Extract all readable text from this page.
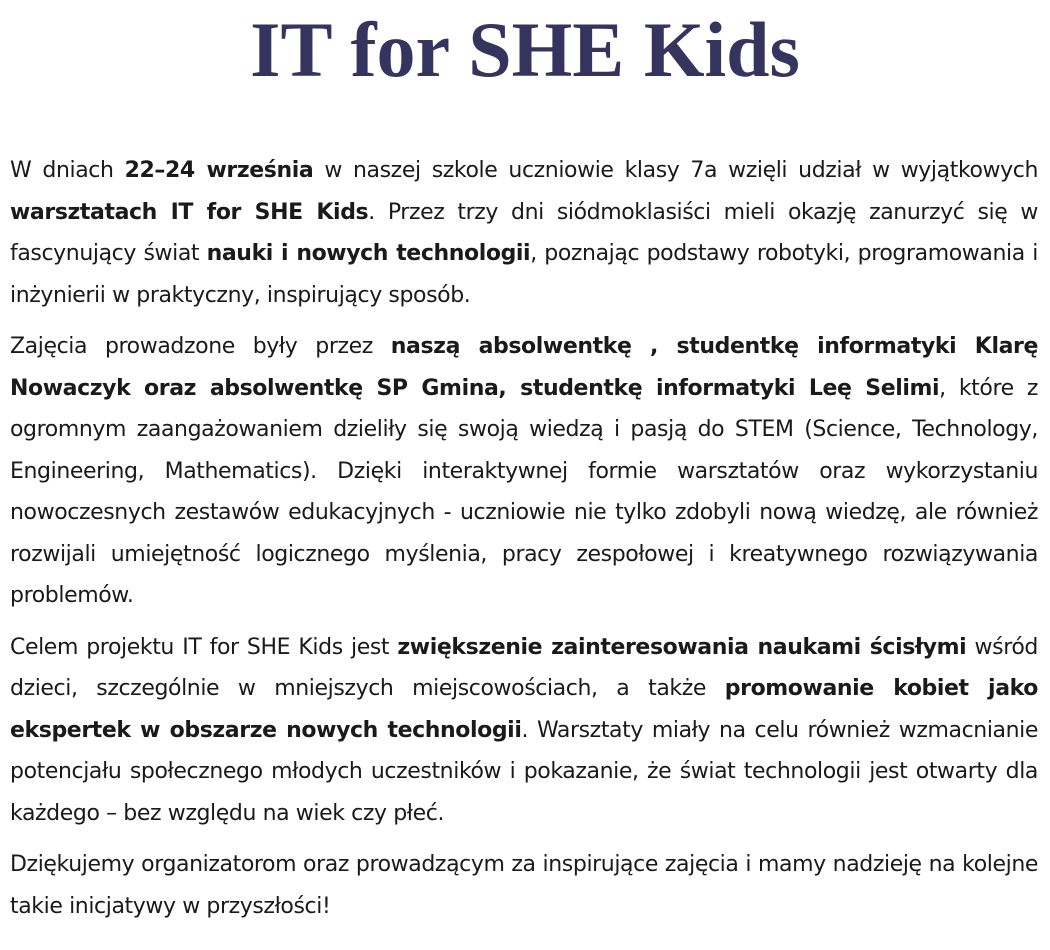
IT for SHE Kids

W dniach 22–24 września w naszej szkole uczniowie klasy 7a wzięli udział w wyjątkowych warsztatach IT for SHE Kids. Przez trzy dni siódmoklasiści mieli okazję zanurzyć się w fascynujący świat nauki i nowych technologii, poznając podstawy robotyki, programowania i inżynierii w praktyczny, inspirujący sposób.

Zajęcia prowadzone były przez naszą absolwentkę , studentkę informatyki Klarę Nowaczyk oraz absolwentkę SP Gmina, studentkę informatyki Leę Selimi, które z ogromnym zaangażowaniem dzieliły się swoją wiedzą i pasją do STEM (Science, Technology, Engineering, Mathematics). Dzięki interaktywnej formie warsztatów oraz wykorzystaniu nowoczesnych zestawów edukacyjnych - uczniowie nie tylko zdobyli nową wiedzę, ale również rozwijali umiejętność logicznego myślenia, pracy zespołowej i kreatywnego rozwiązywania problemów.

Celem projektu IT for SHE Kids jest zwiększenie zainteresowania naukami ścisłymi wśród dzieci, szczególnie w mniejszych miejscowościach, a także promowanie kobiet jako ekspertek w obszarze nowych technologii. Warsztaty miały na celu również wzmacnianie potencjału społecznego młodych uczestników i pokazanie, że świat technologii jest otwarty dla każdego – bez względu na wiek czy płeć.

Dziękujemy organizatorom oraz prowadzącym za inspirujące zajęcia i mamy nadzieję na kolejne takie inicjatywy w przyszłości!
